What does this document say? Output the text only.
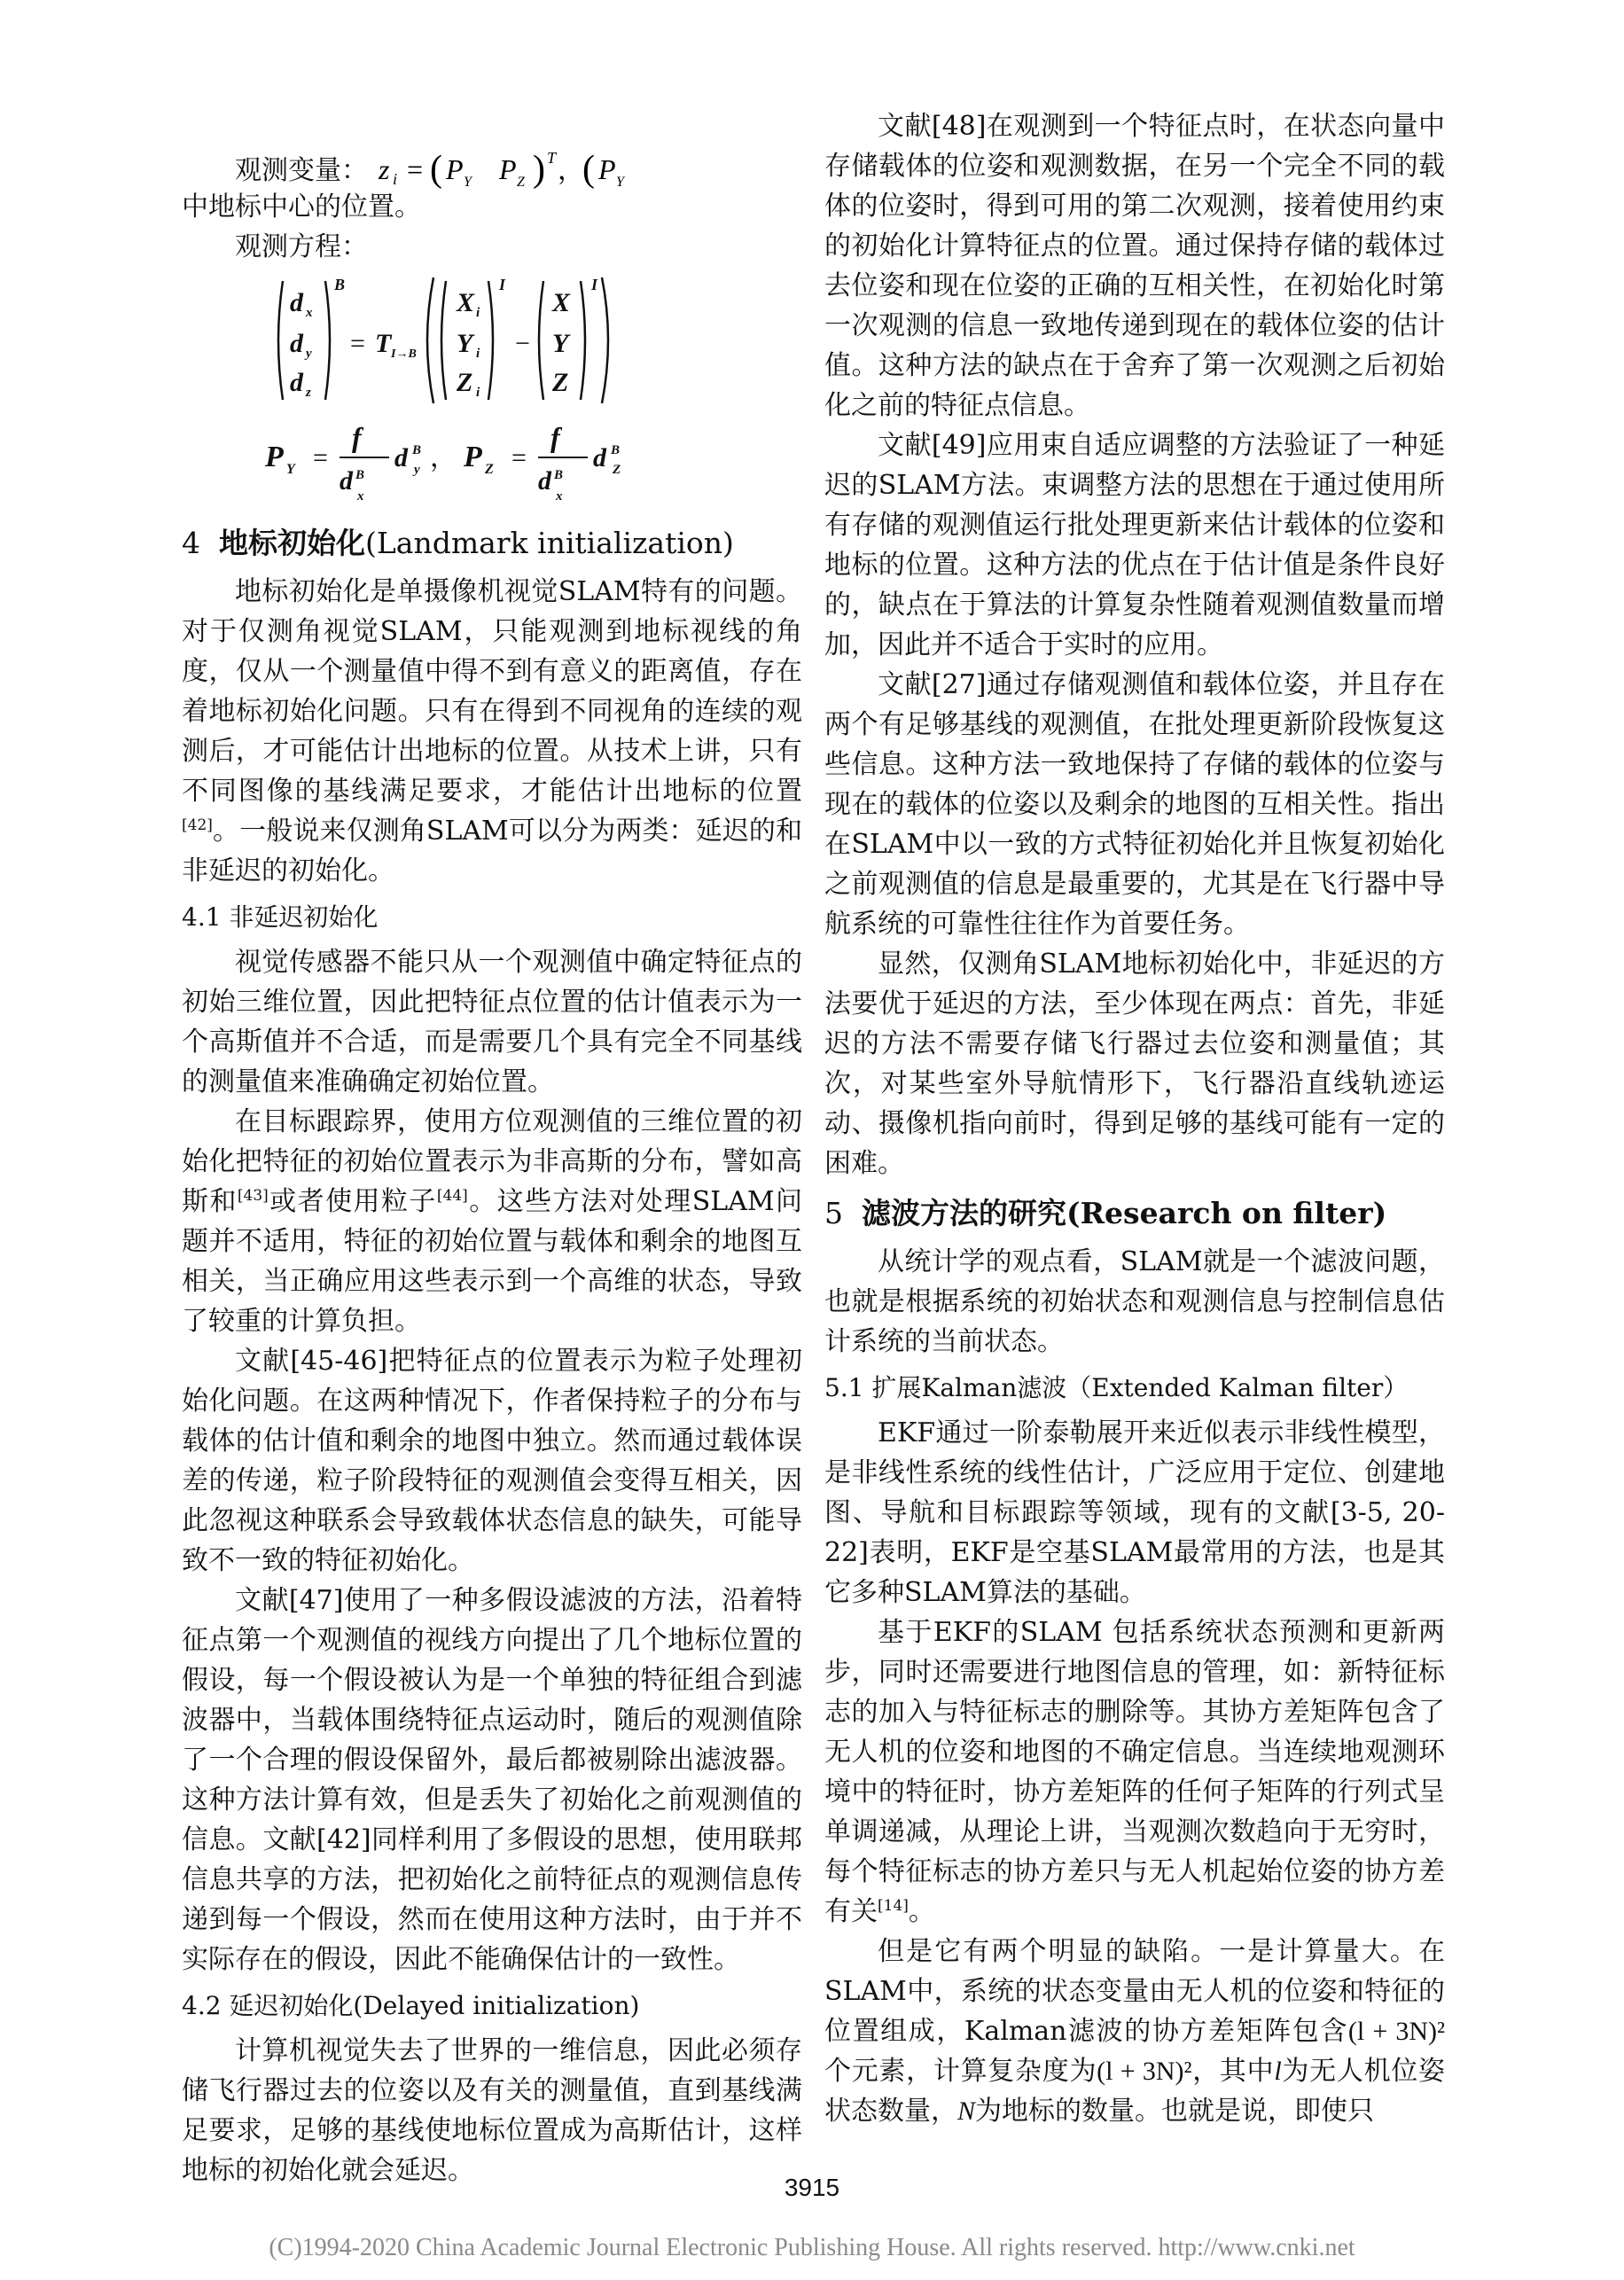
观测变量： z i = ( P Y P Z ) T ，
( P Y

中地标中心的位置。

观测方程：

d x
d y
d z
B
= T I→B
X i
Y i
Z i
I
−
X
Y
Z
I
P Y =
f
d B
x
d B
y ， P Z =
f
d B
x
d B
Z
4 地标初始化(Landmark initialization)

地标初始化是单摄像机视觉SLAM特有的问题。对于仅测角视觉SLAM，只能观测到地标视线的角度，仅从一个测量值中得不到有意义的距离值，存在着地标初始化问题。只有在得到不同视角的连续的观测后，才可能估计出地标的位置。从技术上讲，只有不同图像的基线满足要求，才能估计出地标的位置[42]。一般说来仅测角SLAM可以分为两类：延迟的和非延迟的初始化。

4.1 非延迟初始化

视觉传感器不能只从一个观测值中确定特征点的初始三维位置，因此把特征点位置的估计值表示为一个高斯值并不合适，而是需要几个具有完全不同基线的测量值来准确确定初始位置。

在目标跟踪界，使用方位观测值的三维位置的初始化把特征的初始位置表示为非高斯的分布，譬如高斯和[43]或者使用粒子[44]。这些方法对处理SLAM问题并不适用，特征的初始位置与载体和剩余的地图互相关，当正确应用这些表示到一个高维的状态，导致了较重的计算负担。

文献[45-46]把特征点的位置表示为粒子处理初始化问题。在这两种情况下，作者保持粒子的分布与载体的估计值和剩余的地图中独立。然而通过载体误差的传递，粒子阶段特征的观测值会变得互相关，因此忽视这种联系会导致载体状态信息的缺失，可能导致不一致的特征初始化。

文献[47]使用了一种多假设滤波的方法，沿着特征点第一个观测值的视线方向提出了几个地标位置的假设，每一个假设被认为是一个单独的特征组合到滤波器中，当载体围绕特征点运动时，随后的观测值除了一个合理的假设保留外，最后都被剔除出滤波器。这种方法计算有效，但是丢失了初始化之前观测值的信息。文献[42]同样利用了多假设的思想，使用联邦信息共享的方法，把初始化之前特征点的观测信息传递到每一个假设，然而在使用这种方法时，由于并不实际存在的假设，因此不能确保估计的一致性。

4.2 延迟初始化(Delayed initialization)

计算机视觉失去了世界的一维信息，因此必须存储飞行器过去的位姿以及有关的测量值，直到基线满足要求，足够的基线使地标位置成为高斯估计，这样地标的初始化就会延迟。

文献[48]在观测到一个特征点时，在状态向量中存储载体的位姿和观测数据，在另一个完全不同的载体的位姿时，得到可用的第二次观测，接着使用约束的初始化计算特征点的位置。通过保持存储的载体过去位姿和现在位姿的正确的互相关性，在初始化时第一次观测的信息一致地传递到现在的载体位姿的估计值。这种方法的缺点在于舍弃了第一次观测之后初始化之前的特征点信息。

文献[49]应用束自适应调整的方法验证了一种延迟的SLAM方法。束调整方法的思想在于通过使用所有存储的观测值运行批处理更新来估计载体的位姿和地标的位置。这种方法的优点在于估计值是条件良好的，缺点在于算法的计算复杂性随着观测值数量而增加，因此并不适合于实时的应用。

文献[27]通过存储观测值和载体位姿，并且存在两个有足够基线的观测值，在批处理更新阶段恢复这些信息。这种方法一致地保持了存储的载体的位姿与现在的载体的位姿以及剩余的地图的互相关性。指出在SLAM中以一致的方式特征初始化并且恢复初始化之前观测值的信息是最重要的，尤其是在飞行器中导航系统的可靠性往往作为首要任务。

显然，仅测角SLAM地标初始化中，非延迟的方法要优于延迟的方法，至少体现在两点：首先，非延迟的方法不需要存储飞行器过去位姿和测量值；其次，对某些室外导航情形下，飞行器沿直线轨迹运动、摄像机指向前时，得到足够的基线可能有一定的困难。

5 滤波方法的研究(Research on filter)

从统计学的观点看，SLAM就是一个滤波问题，也就是根据系统的初始状态和观测信息与控制信息估计系统的当前状态。

5.1 扩展Kalman滤波（Extended Kalman filter）

EKF通过一阶泰勒展开来近似表示非线性模型，是非线性系统的线性估计，广泛应用于定位、创建地图、导航和目标跟踪等领域，现有的文献[3-5, 20-22]表明，EKF是空基SLAM最常用的方法，也是其它多种SLAM算法的基础。

基于EKF的SLAM 包括系统状态预测和更新两步，同时还需要进行地图信息的管理，如：新特征标志的加入与特征标志的删除等。其协方差矩阵包含了无人机的位姿和地图的不确定信息。当连续地观测环境中的特征时，协方差矩阵的任何子矩阵的行列式呈单调递减，从理论上讲，当观测次数趋向于无穷时，每个特征标志的协方差只与无人机起始位姿的协方差有关[14]。

但是它有两个明显的缺陷。一是计算量大。在SLAM中，系统的状态变量由无人机的位姿和特征的位置组成，Kalman滤波的协方差矩阵包含(l + 3N)²个元素，计算复杂度为(l + 3N)²，其中l为无人机位姿状态数量，N为地标的数量。也就是说，即使只

3915
(C)1994-2020 China Academic Journal Electronic Publishing House. All rights reserved. http://www.cnki.net
